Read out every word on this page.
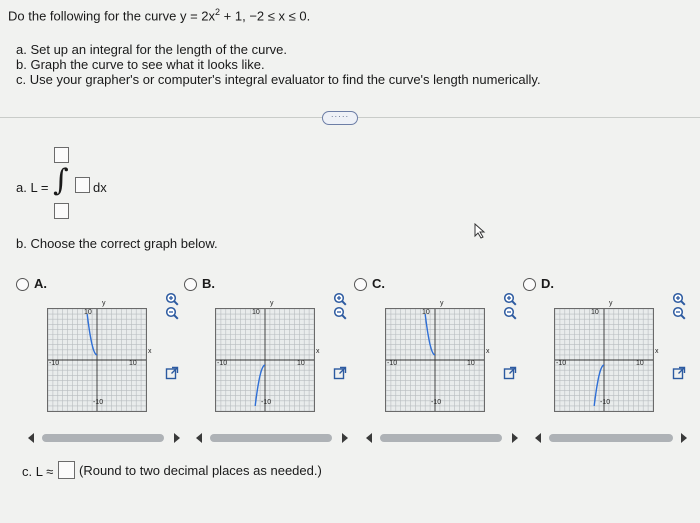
Do the following for the curve $y = 2x^2 + 1$, −2 ≤ x ≤ 0.
a. Set up an integral for the length of the curve.
b. Graph the curve to see what it looks like.
c. Use your grapher's or computer's integral evaluator to find the curve's length numerically.
·····
a. L = ∫ dx
b. Choose the correct graph below.
A.
10
-10
-10	10
y
x
B.
10
-10
-10	10
y
x
C.
10
-10
-10	10
y
x
D.
10
-10
-10	10
y
x
c. L ≈ (Round to two decimal places as needed.)
